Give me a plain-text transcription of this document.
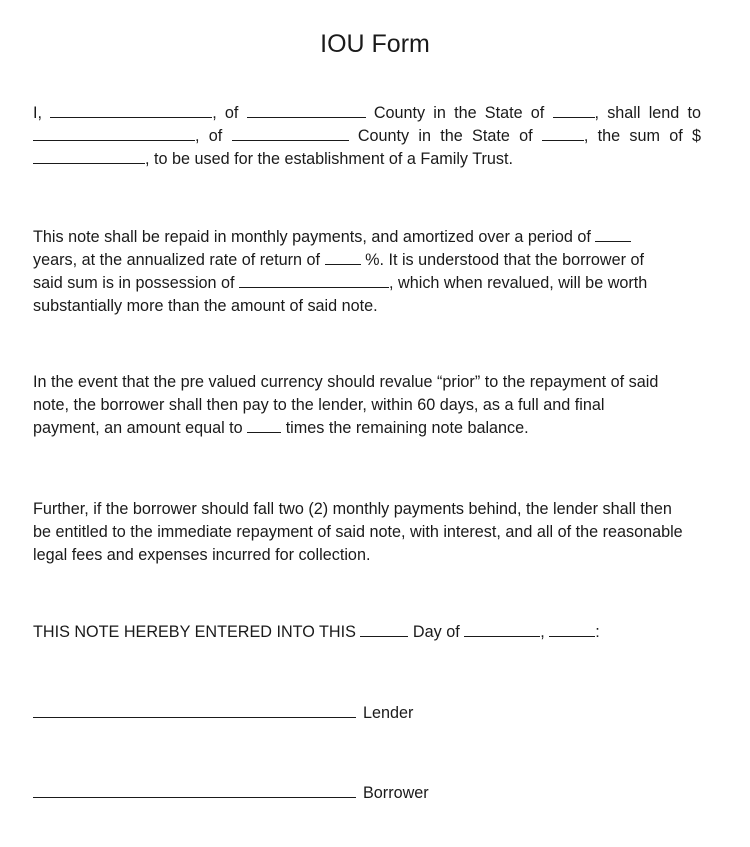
IOU Form
I,	, of	County in the State of	, shall lend to
, of	County in the State of	, the sum of $
, to be used for the establishment of a Family Trust.
This note shall be repaid in monthly payments, and amortized over a period of
years, at the annualized rate of return of	%. It is understood that the borrower of
said sum is in possession of	, which when revalued, will be worth
substantially more than the amount of said note.
In the event that the pre valued currency should revalue “prior” to the repayment of said
note, the borrower shall then pay to the lender, within 60 days, as a full and final
payment, an amount equal to	times the remaining note balance.
Further, if the borrower should fall two (2) monthly payments behind, the lender shall then
be entitled to the immediate repayment of said note, with interest, and all of the reasonable
legal fees and expenses incurred for collection.
THIS NOTE HEREBY ENTERED INTO THIS	Day of	,	:
Lender
Borrower
